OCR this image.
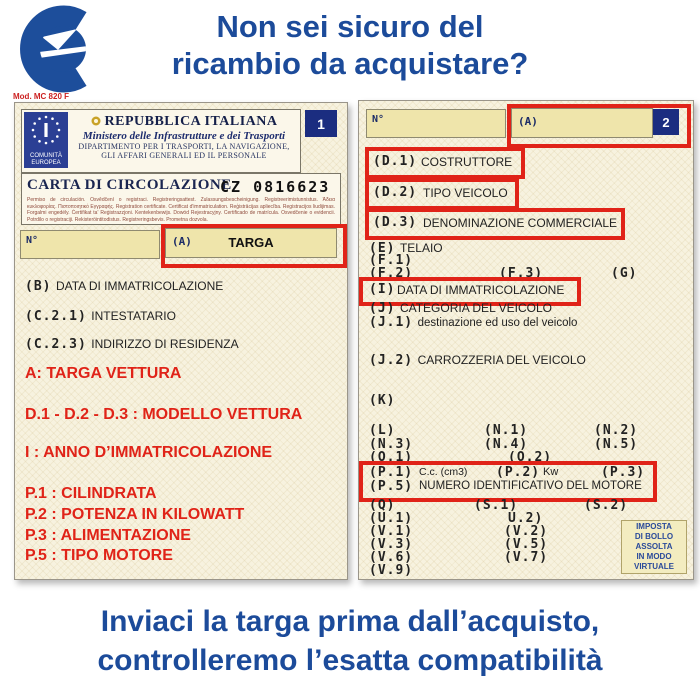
Non sei sicuro del
ricambio da acquistare?
Mod. MC 820 F
COMUNITÀ
EUROPEA
REPUBBLICA ITALIANA
Ministero delle Infrastrutture e dei Trasporti
DIPARTIMENTO PER I TRASPORTI, LA NAVIGAZIONE,
GLI AFFARI GENERALI ED IL PERSONALE
1
CARTA DI CIRCOLAZIONE
CZ 0816623
Permiso de circulación. Osvědčení o registraci. Registreringsattest. Zulassungsbescheinigung. Registreerimistunnistus. Άδεια κυκλοφορίας. Πιστοποιητικό Εγγραφής. Registration certificate. Certificat d'immatriculation. Reģistrācijas apliecība. Registracijos liudijimas. Forgalmi engedély. Ċertifikat ta' Reġistrazzjoni. Kentekenbewijs. Dowód Rejestracyjny. Certificado de matrícula. Osvedčenie o evidencii. Potrdilo o registraciji. Rekisteröintitodistus. Registreringsbevis. Prometna dozvola.
N°	(A)	TARGA
(B) DATA DI IMMATRICOLAZIONE
(C.2.1) INTESTATARIO
(C.2.3) INDIRIZZO DI RESIDENZA
A: TARGA VETTURA
D.1 - D.2 - D.3 : MODELLO VETTURA
I : ANNO D’IMMATRICOLAZIONE
P.1 : CILINDRATA
P.2 : POTENZA IN KILOWATT
P.3 : ALIMENTAZIONE
P.5 : TIPO MOTORE
N°	(A)	2
(D.1) COSTRUTTORE
(D.2) TIPO VEICOLO
(D.3) DENOMINAZIONE COMMERCIALE
(E) TELAIO
(F.1)
(F.2)	(F.3)	(G)
(I) DATA DI IMMATRICOLAZIONE
(J) CATEGORIA DEL VEICOLO
(J.1) destinazione ed uso del veicolo
(J.2) CARROZZERIA DEL VEICOLO
(K)
(L)	(N.1)	(N.2)
(N.3)	(N.4)	(N.5)
(O.1)	(O.2)
(P.1) C.c. (cm3) (P.2) Kw	(P.3)
(P.5) NUMERO IDENTIFICATIVO DEL MOTORE
(Q)	(S.1)	(S.2)
(U.1)	U.2)
(V.1)	(V.2)
(V.3)	(V.5)
(V.6)	(V.7)
(V.9)
IMPOSTA
DI BOLLO
ASSOLTA
IN MODO
VIRTUALE
Inviaci la targa prima dall’acquisto,
controlleremo l’esatta compatibilità
